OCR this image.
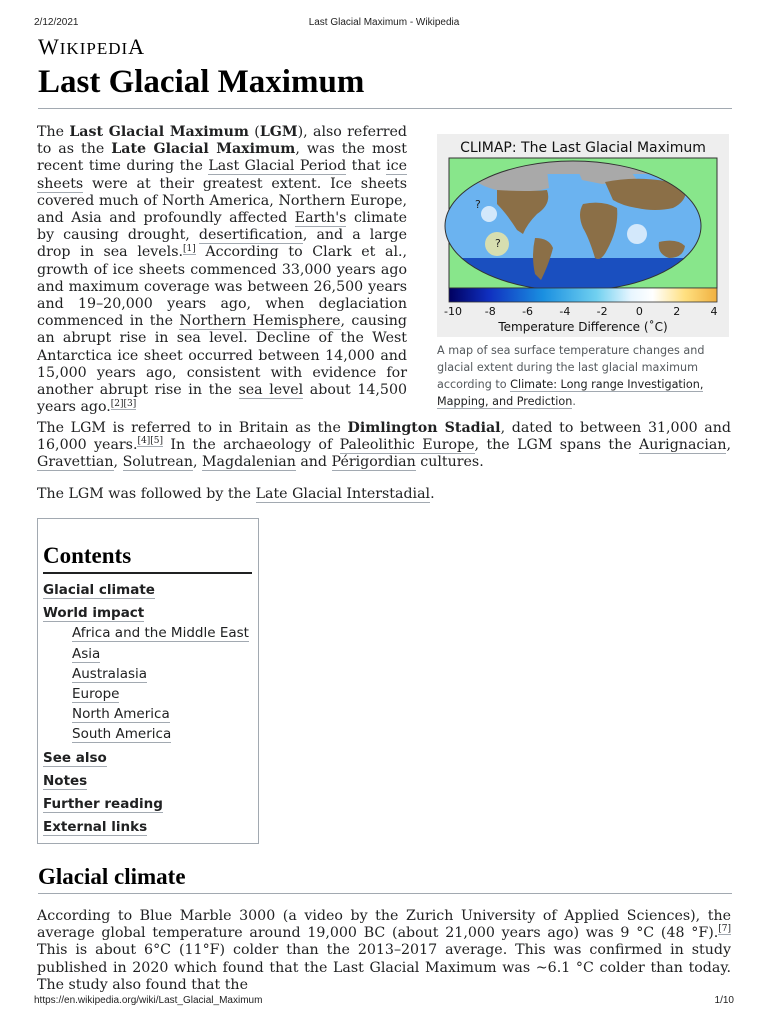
2/12/2021	Last Glacial Maximum - Wikipedia
WIKIPEDIA
Last Glacial Maximum

The Last Glacial Maximum (LGM), also referred to as the Late Glacial Maximum, was the most recent time during the Last Glacial Period that ice sheets were at their greatest extent. Ice sheets covered much of North America, Northern Europe, and Asia and profoundly affected Earth's climate by causing drought, desertification, and a large drop in sea levels.[1] According to Clark et al., growth of ice sheets commenced 33,000 years ago and maximum coverage was between 26,500 years and 19–20,000 years ago, when deglaciation commenced in the Northern Hemisphere, causing an abrupt rise in sea level. Decline of the West Antarctica ice sheet occurred between 14,000 and 15,000 years ago, consistent with evidence for another abrupt rise in the sea level about 14,500 years ago.[2][3]

CLIMAP: The Last Glacial Maximum
?
?
-10 -8 -6 -4 -2	0	2	4
Temperature Difference (˚C)
A map of sea surface temperature changes and glacial extent during the last glacial maximum according to Climate: Long range Investigation, Mapping, and Prediction.

The LGM is referred to in Britain as the Dimlington Stadial, dated to between 31,000 and 16,000 years.[4][5] In the archaeology of Paleolithic Europe, the LGM spans the Aurignacian, Gravettian, Solutrean, Magdalenian and Périgordian cultures.

The LGM was followed by the Late Glacial Interstadial.

Contents
Glacial climate
World impact
Africa and the Middle East
Asia
Australasia
Europe
North America
South America
See also
Notes
Further reading
External links
Glacial climate

According to Blue Marble 3000 (a video by the Zurich University of Applied Sciences), the average global temperature around 19,000 BC (about 21,000 years ago) was 9 °C (48 °F).[7] This is about 6°C (11°F) colder than the 2013–2017 average. This was confirmed in study published in 2020 which found that the Last Glacial Maximum was ~6.1 °C colder than today. The study also found that the

https://en.wikipedia.org/wiki/Last_Glacial_Maximum	1/10
